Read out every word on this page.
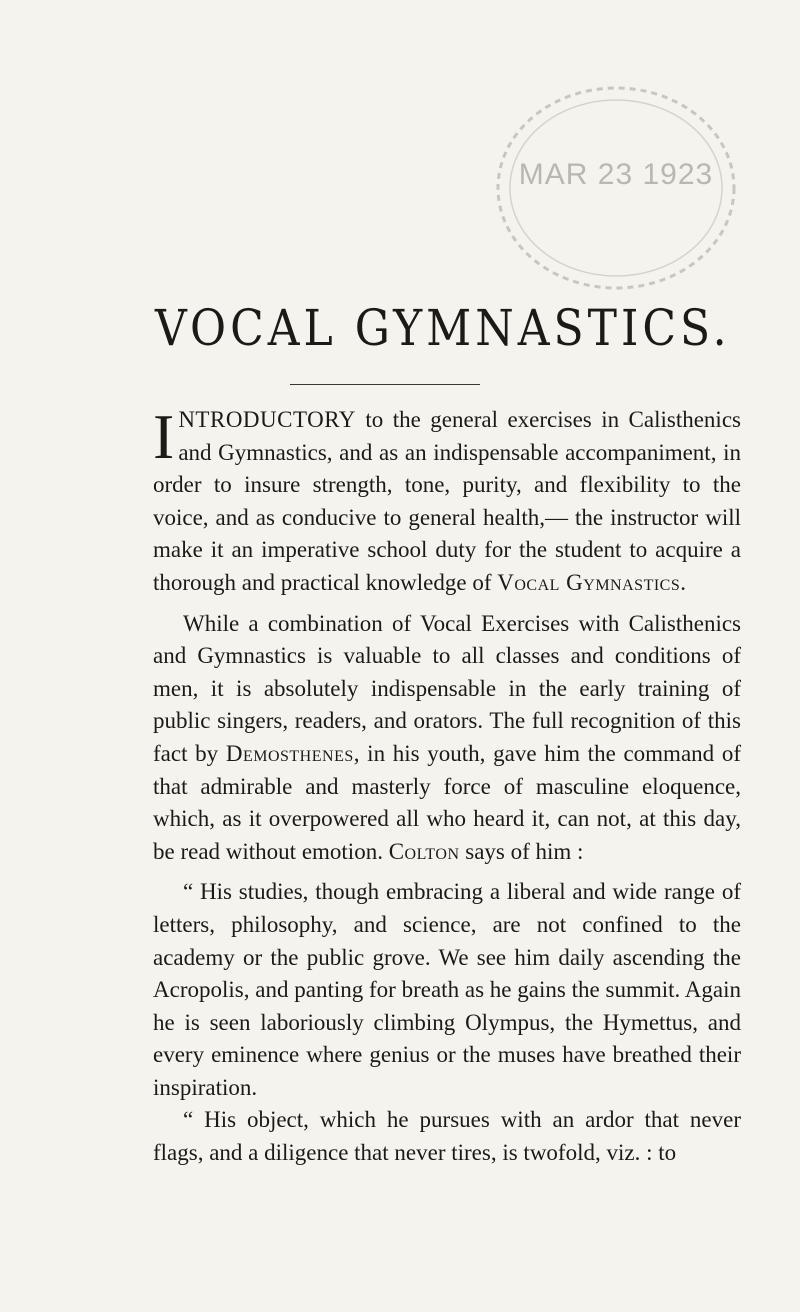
MAR 23 1923
VOCAL GYMNASTICS.

INTRODUCTORY to the general exercises in Calisthenics and Gymnastics, and as an indispensable accompaniment, in order to insure strength, tone, purity, and flexibility to the voice, and as conducive to general health,— the instructor will make it an imperative school duty for the student to acquire a thorough and practical knowledge of Vocal Gymnastics.

While a combination of Vocal Exercises with Calisthenics and Gymnastics is valuable to all classes and conditions of men, it is absolutely indispensable in the early training of public singers, readers, and orators. The full recognition of this fact by Demosthenes, in his youth, gave him the command of that admirable and masterly force of masculine eloquence, which, as it overpowered all who heard it, can not, at this day, be read without emotion. Colton says of him :

“ His studies, though embracing a liberal and wide range of letters, philosophy, and science, are not confined to the academy or the public grove. We see him daily ascending the Acropolis, and panting for breath as he gains the summit. Again he is seen laboriously climbing Olympus, the Hymettus, and every eminence where genius or the muses have breathed their inspiration.

“ His object, which he pursues with an ardor that never flags, and a diligence that never tires, is twofold, viz. : to
